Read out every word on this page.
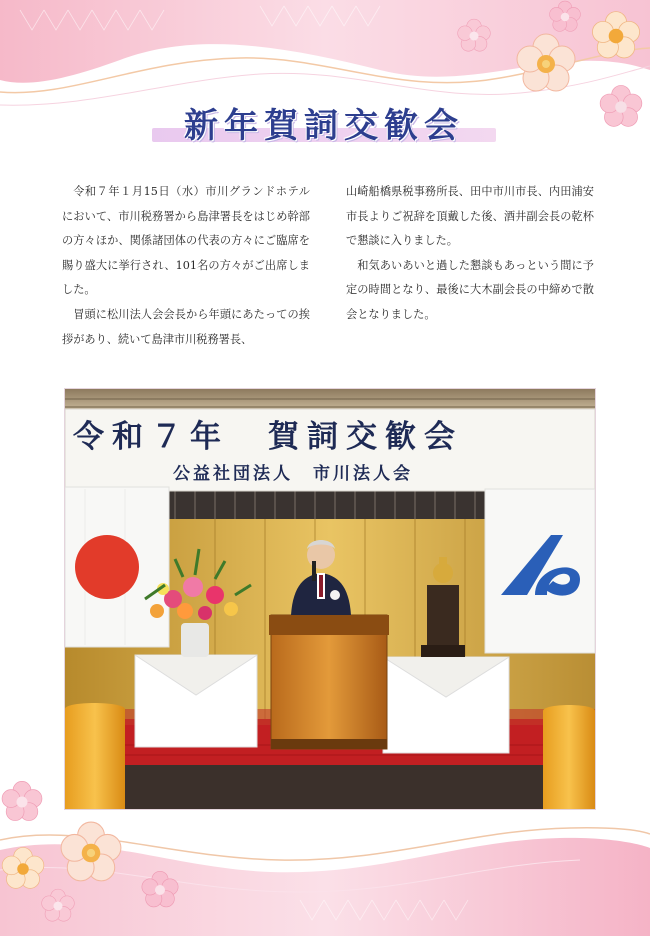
新年賀詞交歓会

令和７年１月15日（水）市川グランドホテルにおいて、市川税務署から島津署長をはじめ幹部の方々ほか、関係諸団体の代表の方々にご臨席を賜り盛大に挙行され、101名の方々がご出席しました。

冒頭に松川法人会会長から年頭にあたっての挨拶があり、続いて島津市川税務署長、

山崎船橋県税事務所長、田中市川市長、内田浦安市長よりご祝辞を頂戴した後、酒井副会長の乾杯で懇談に入りました。

和気あいあいと過した懇談もあっという間に予定の時間となり、最後に大木副会長の中締めで散会となりました。

令和７年　賀詞交歓会
公益社団法人　市川法人会
